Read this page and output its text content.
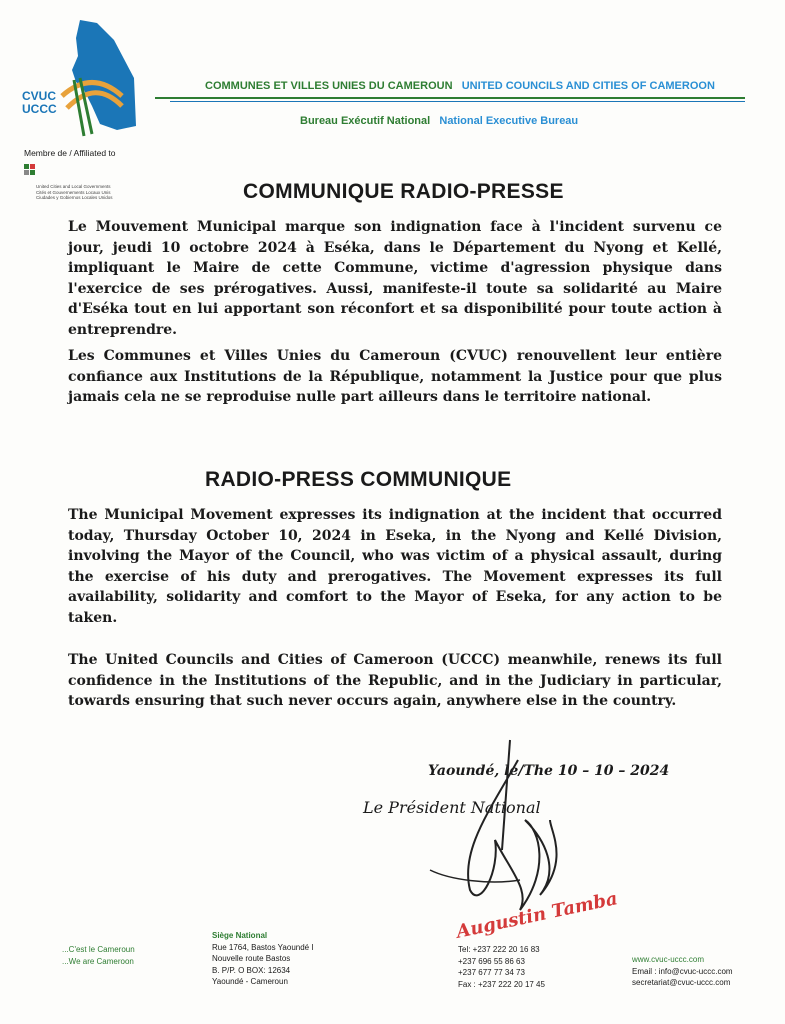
CVUC
UCCC
COMMUNES ET VILLES UNIES DU CAMEROUN UNITED COUNCILS AND CITIES OF CAMEROON
Bureau Exécutif National National Executive Bureau
Membre de / Affiliated to
United Cities and Local Governments
Cités et Gouvernements Locaux Unis
Ciudades y Gobiernos Locales Unidos	COMMUNIQUE RADIO-PRESSE
Le Mouvement Municipal marque son indignation face à l'incident survenu ce jour, jeudi 10 octobre 2024 à Eséka, dans le Département du Nyong et Kellé, impliquant le Maire de cette Commune, victime d'agression physique dans l'exercice de ses prérogatives. Aussi, manifeste-il toute sa solidarité au Maire d'Eséka tout en lui apportant son réconfort et sa disponibilité pour toute action à entreprendre.
Les Communes et Villes Unies du Cameroun (CVUC) renouvellent leur entière confiance aux Institutions de la République, notamment la Justice pour que plus jamais cela ne se reproduise nulle part ailleurs dans le territoire national.
RADIO-PRESS COMMUNIQUE
The Municipal Movement expresses its indignation at the incident that occurred today, Thursday October 10, 2024 in Eseka, in the Nyong and Kellé Division, involving the Mayor of the Council, who was victim of a physical assault, during the exercise of his duty and prerogatives. The Movement expresses its full availability, solidarity and comfort to the Mayor of Eseka, for any action to be taken.
The United Councils and Cities of Cameroon (UCCC) meanwhile, renews its full confidence in the Institutions of the Republic, and in the Judiciary in particular, towards ensuring that such never occurs again, anywhere else in the country.
Yaoundé, le/The 10 – 10 – 2024
Le Président National
Augustin Tamba
...C'est le Cameroun
...We are Cameroon
Siège National
Rue 1764, Bastos Yaoundé I
Nouvelle route Bastos
B. P/P. O BOX: 12634
Yaoundé - Cameroun
Tel: +237 222 20 16 83
+237 696 55 86 63
+237 677 77 34 73
Fax : +237 222 20 17 45
www.cvuc-uccc.com
Email : info@cvuc-uccc.com
secretariat@cvuc-uccc.com
